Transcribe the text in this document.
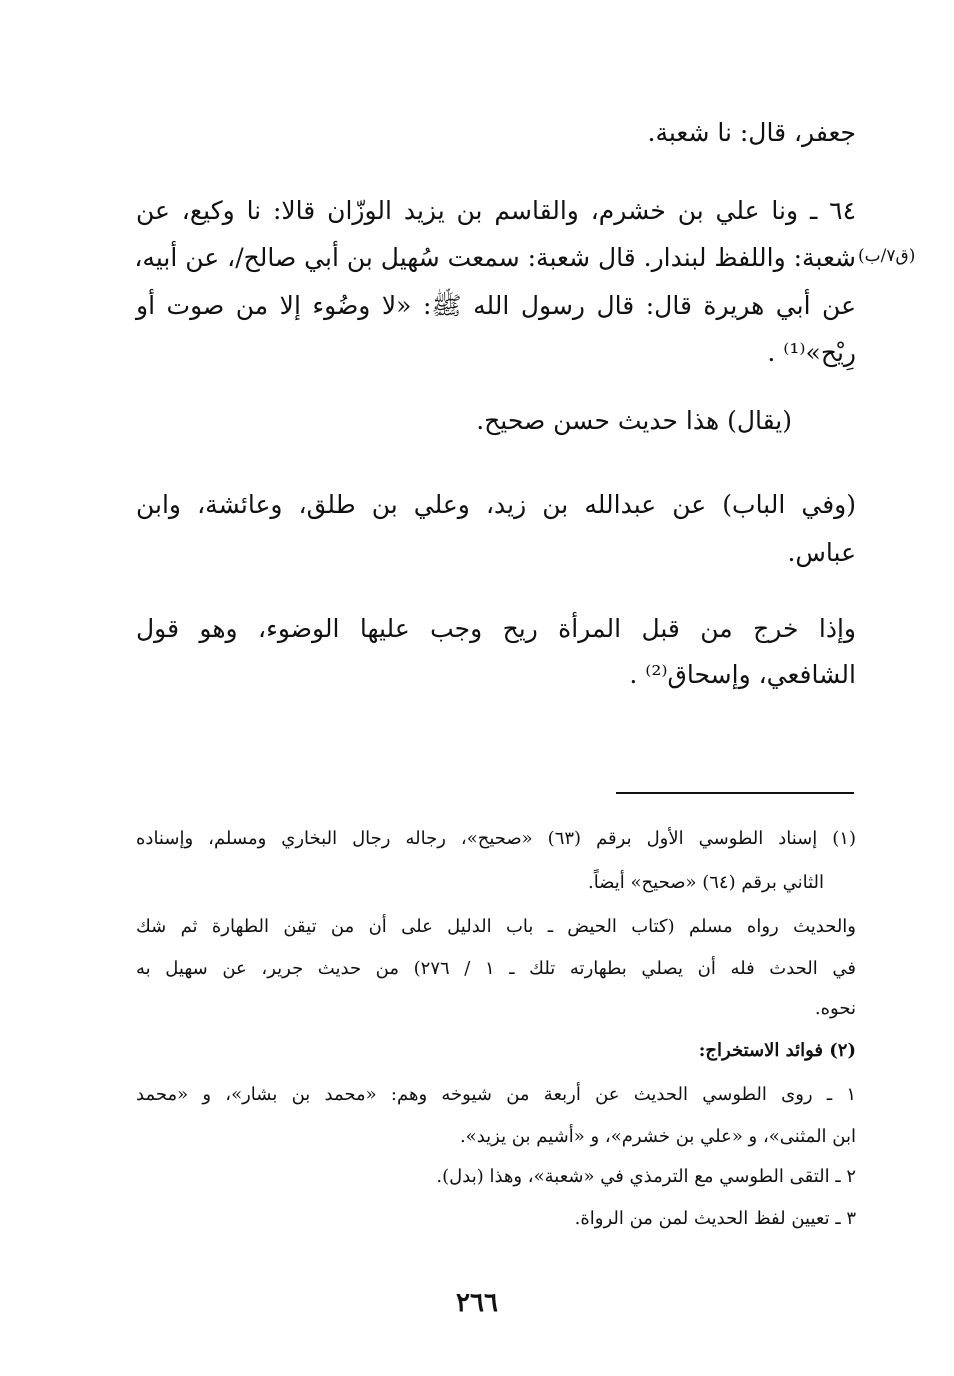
جعفر، قال: نا شعبة.
٦٤ ـ ونا علي بن خشرم، والقاسم بن يزيد الوزّان قالا: نا وكيع، عن
شعبة: واللفظ لبندار. قال شعبة: سمعت سُهيل بن أبي صالح/، عن أبيه، (ق٧/ب)
عن أبي هريرة قال: قال رسول الله ﷺ: «لا وضُوء إلا من صوت أو
رِيْح»⁽¹⁾ .
(يقال) هذا حديث حسن صحيح.
(وفي الباب) عن عبدالله بن زيد، وعلي بن طلق، وعائشة، وابن
عباس.
وإذا خرج من قبل المرأة ريح وجب عليها الوضوء، وهو قول
الشافعي، وإسحاق⁽²⁾ .
(١) إسناد الطوسي الأول برقم (٦٣) «صحيح»، رجاله رجال البخاري ومسلم، وإسناده
الثاني برقم (٦٤) «صحيح» أيضاً.
والحديث رواه مسلم (كتاب الحيض ـ باب الدليل على أن من تيقن الطهارة ثم شك
في الحدث فله أن يصلي بطهارته تلك ـ ١ / ٢٧٦) من حديث جرير، عن سهيل به
نحوه.
(٢) فوائد الاستخراج:
١ ـ روى الطوسي الحديث عن أربعة من شيوخه وهم: «محمد بن بشار»، و «محمد
ابن المثنى»، و «علي بن خشرم»، و «أشيم بن يزيد».
٢ ـ التقى الطوسي مع الترمذي في «شعبة»، وهذا (بدل).
٣ ـ تعيين لفظ الحديث لمن من الرواة.
٢٦٦
